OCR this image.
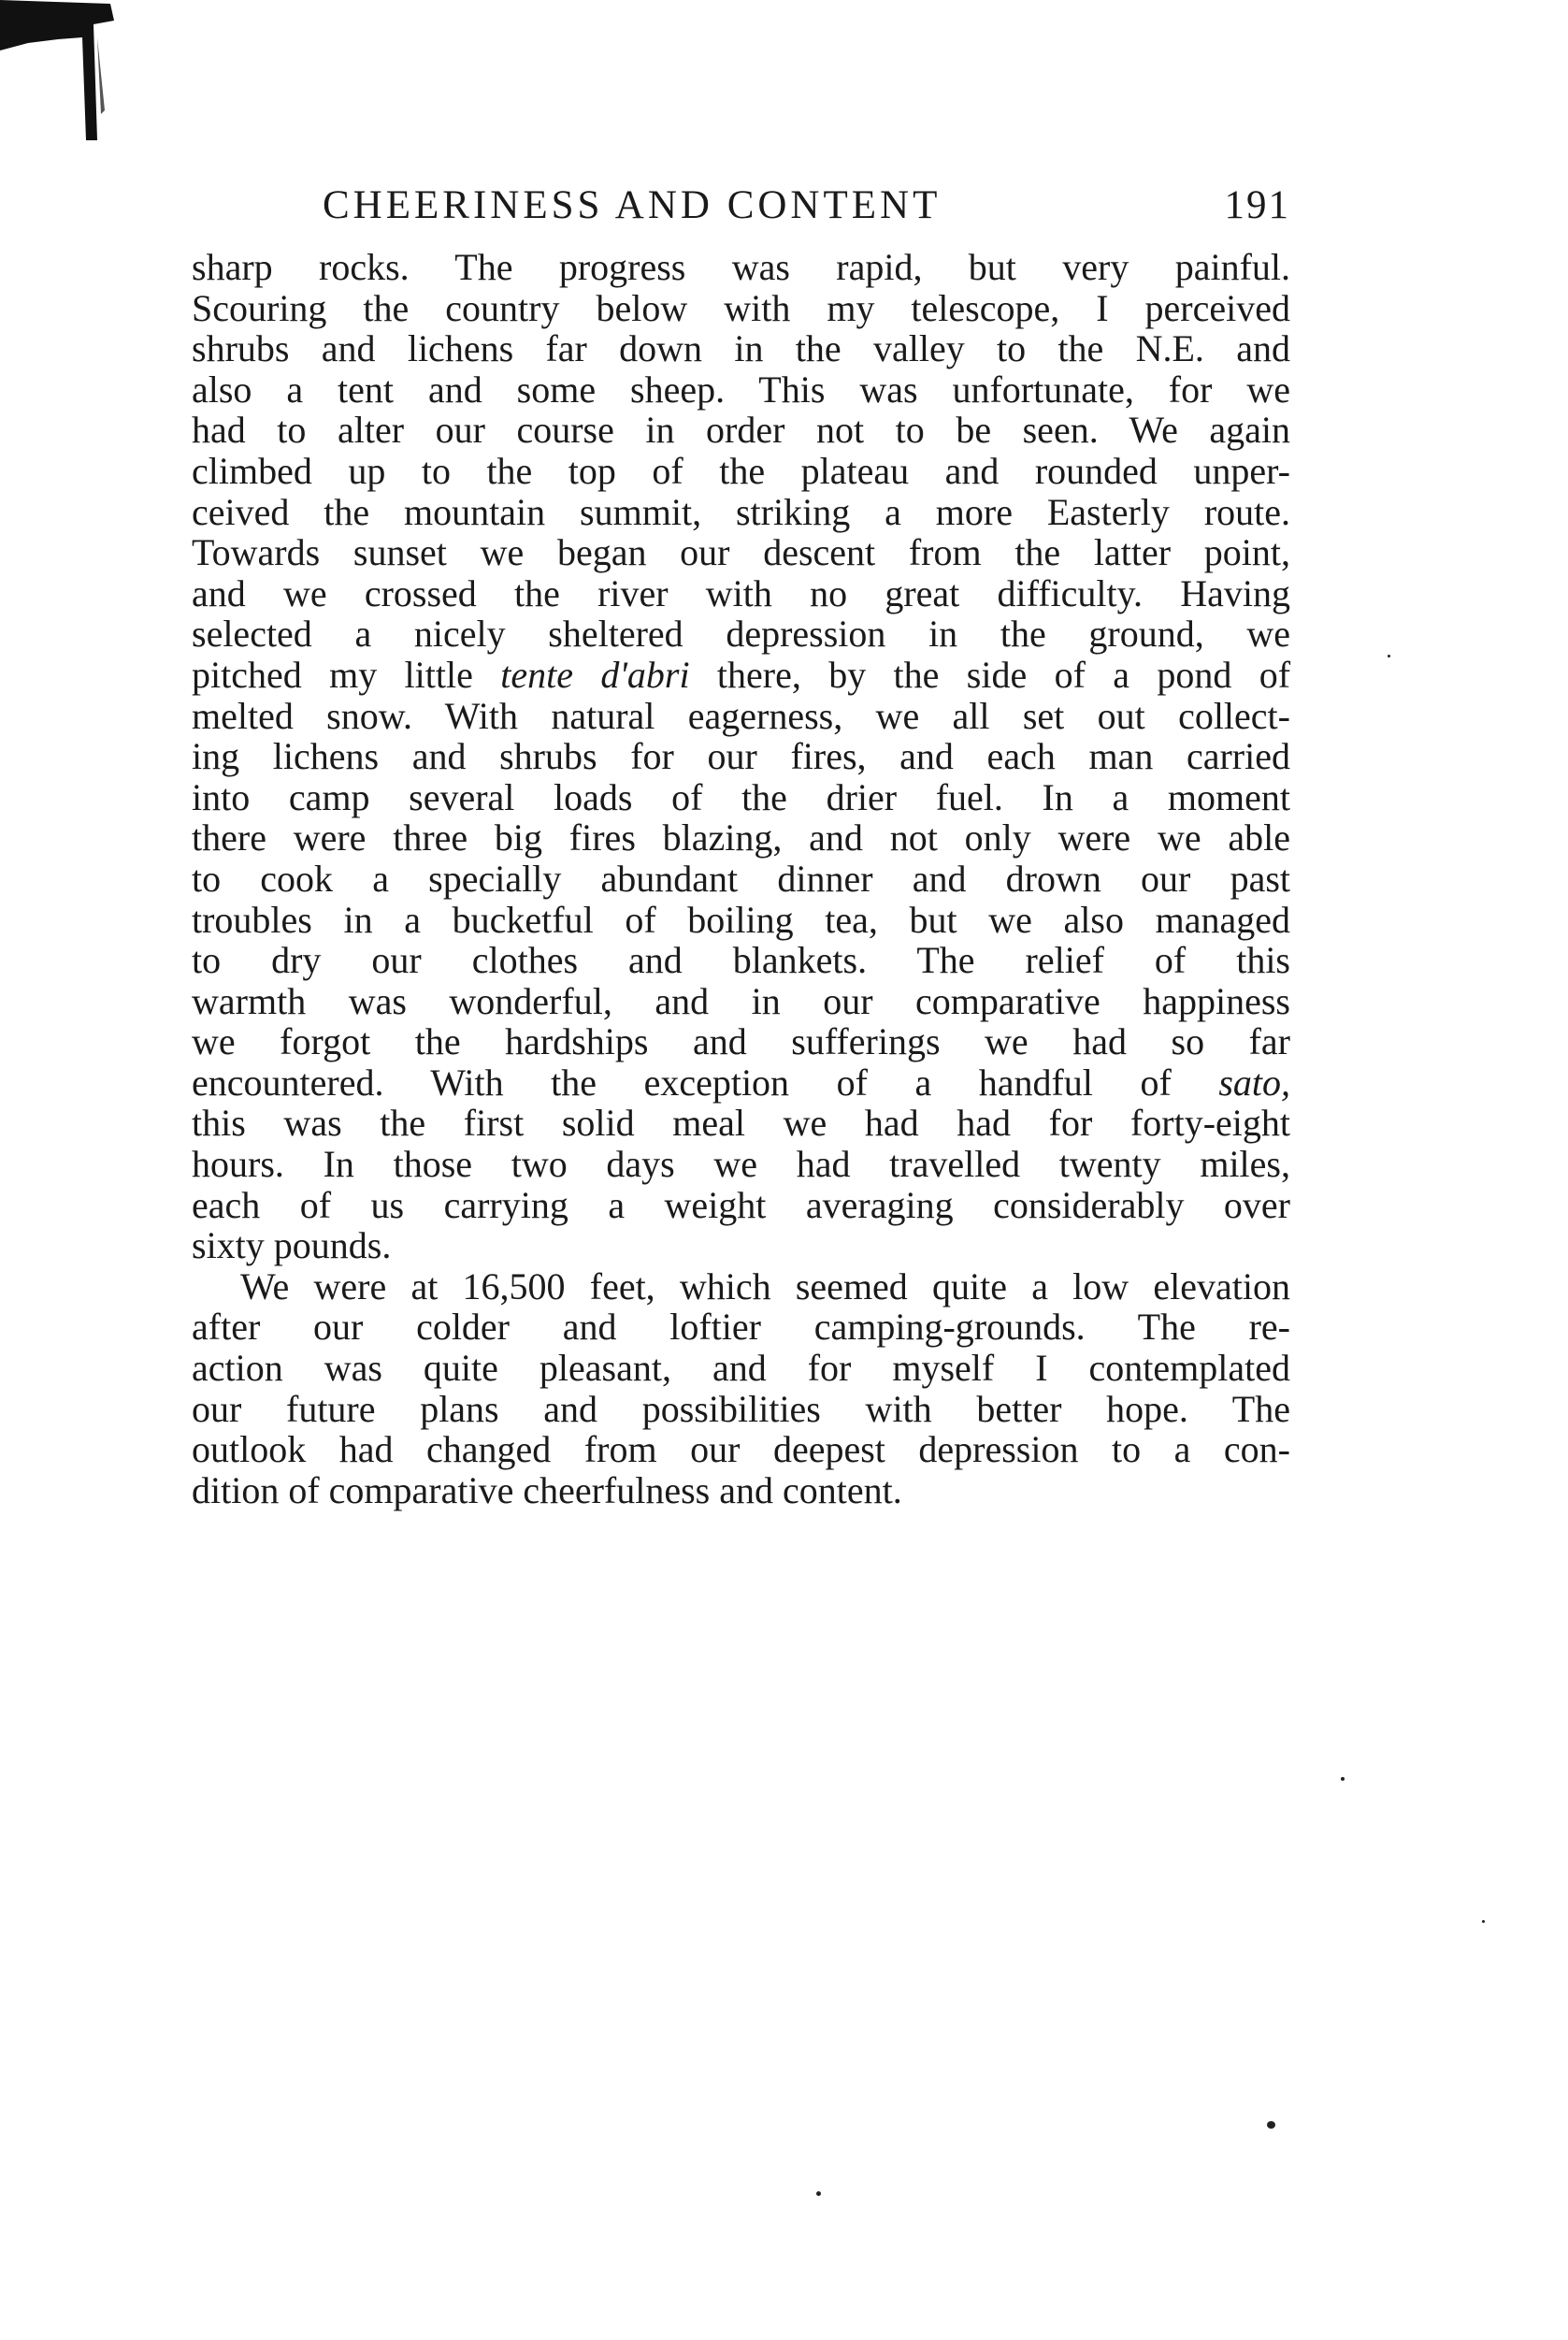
CHEERINESS AND CONTENT	191
sharp rocks. The progress was rapid, but very painful.
Scouring the country below with my telescope, I perceived
shrubs and lichens far down in the valley to the N.E. and
also a tent and some sheep. This was unfortunate, for we
had to alter our course in order not to be seen. We again
climbed up to the top of the plateau and rounded unper-
ceived the mountain summit, striking a more Easterly route.
Towards sunset we began our descent from the latter point,
and we crossed the river with no great difficulty. Having
selected a nicely sheltered depression in the ground, we
pitched my little tente d'abri there, by the side of a pond of
melted snow. With natural eagerness, we all set out collect-
ing lichens and shrubs for our fires, and each man carried
into camp several loads of the drier fuel. In a moment
there were three big fires blazing, and not only were we able
to cook a specially abundant dinner and drown our past
troubles in a bucketful of boiling tea, but we also managed
to dry our clothes and blankets. The relief of this
warmth was wonderful, and in our comparative happiness
we forgot the hardships and sufferings we had so far
encountered. With the exception of a handful of sato,
this was the first solid meal we had had for forty-eight
hours. In those two days we had travelled twenty miles,
each of us carrying a weight averaging considerably over
sixty pounds.
We were at 16,500 feet, which seemed quite a low elevation
after our colder and loftier camping-grounds. The re-
action was quite pleasant, and for myself I contemplated
our future plans and possibilities with better hope. The
outlook had changed from our deepest depression to a con-
dition of comparative cheerfulness and content.
